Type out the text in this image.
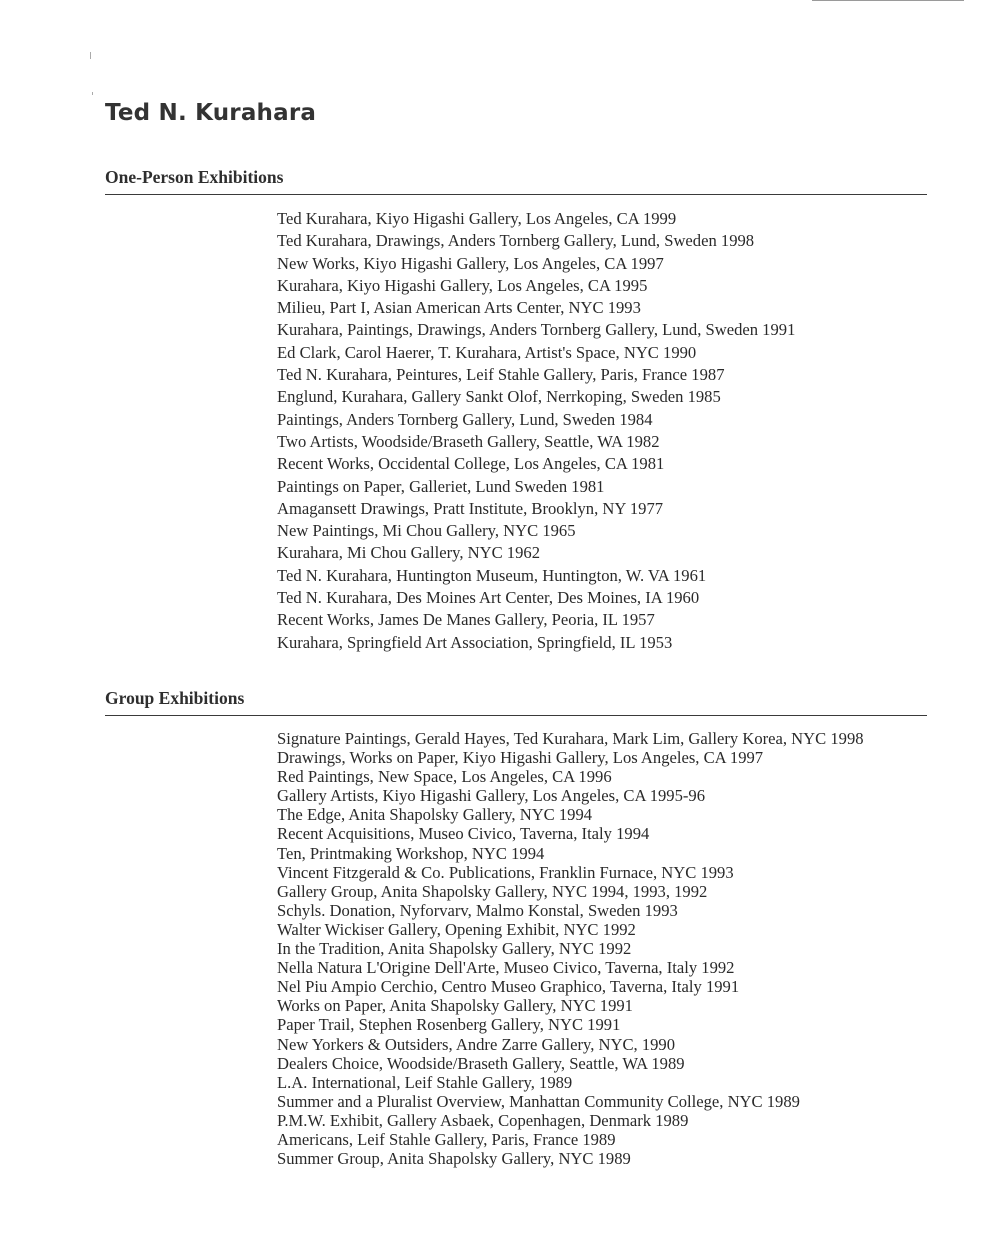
Ted N. Kurahara
One-Person Exhibitions
Ted Kurahara, Kiyo Higashi Gallery, Los Angeles, CA 1999
Ted Kurahara, Drawings, Anders Tornberg Gallery, Lund, Sweden 1998
New Works, Kiyo Higashi Gallery, Los Angeles, CA 1997
Kurahara, Kiyo Higashi Gallery, Los Angeles, CA 1995
Milieu, Part I, Asian American Arts Center, NYC 1993
Kurahara, Paintings, Drawings, Anders Tornberg Gallery, Lund, Sweden 1991
Ed Clark, Carol Haerer, T. Kurahara, Artist's Space, NYC 1990
Ted N. Kurahara, Peintures, Leif Stahle Gallery, Paris, France 1987
Englund, Kurahara, Gallery Sankt Olof, Nerrkoping, Sweden 1985
Paintings, Anders Tornberg Gallery, Lund, Sweden 1984
Two Artists, Woodside/Braseth Gallery, Seattle, WA 1982
Recent Works, Occidental College, Los Angeles, CA 1981
Paintings on Paper, Galleriet, Lund Sweden 1981
Amagansett Drawings, Pratt Institute, Brooklyn, NY 1977
New Paintings, Mi Chou Gallery, NYC 1965
Kurahara, Mi Chou Gallery, NYC 1962
Ted N. Kurahara, Huntington Museum, Huntington, W. VA 1961
Ted N. Kurahara, Des Moines Art Center, Des Moines, IA 1960
Recent Works, James De Manes Gallery, Peoria, IL 1957
Kurahara, Springfield Art Association, Springfield, IL 1953
Group Exhibitions
Signature Paintings, Gerald Hayes, Ted Kurahara, Mark Lim, Gallery Korea, NYC 1998
Drawings, Works on Paper, Kiyo Higashi Gallery, Los Angeles, CA 1997
Red Paintings, New Space, Los Angeles, CA 1996
Gallery Artists, Kiyo Higashi Gallery, Los Angeles, CA 1995-96
The Edge, Anita Shapolsky Gallery, NYC 1994
Recent Acquisitions, Museo Civico, Taverna, Italy 1994
Ten, Printmaking Workshop, NYC 1994
Vincent Fitzgerald & Co. Publications, Franklin Furnace, NYC 1993
Gallery Group, Anita Shapolsky Gallery, NYC 1994, 1993, 1992
Schyls. Donation, Nyforvarv, Malmo Konstal, Sweden 1993
Walter Wickiser Gallery, Opening Exhibit, NYC 1992
In the Tradition, Anita Shapolsky Gallery, NYC 1992
Nella Natura L'Origine Dell'Arte, Museo Civico, Taverna, Italy 1992
Nel Piu Ampio Cerchio, Centro Museo Graphico, Taverna, Italy 1991
Works on Paper, Anita Shapolsky Gallery, NYC 1991
Paper Trail, Stephen Rosenberg Gallery, NYC 1991
New Yorkers & Outsiders, Andre Zarre Gallery, NYC, 1990
Dealers Choice, Woodside/Braseth Gallery, Seattle, WA 1989
L.A. International, Leif Stahle Gallery, 1989
Summer and a Pluralist Overview, Manhattan Community College, NYC 1989
P.M.W. Exhibit, Gallery Asbaek, Copenhagen, Denmark 1989
Americans, Leif Stahle Gallery, Paris, France 1989
Summer Group, Anita Shapolsky Gallery, NYC 1989
